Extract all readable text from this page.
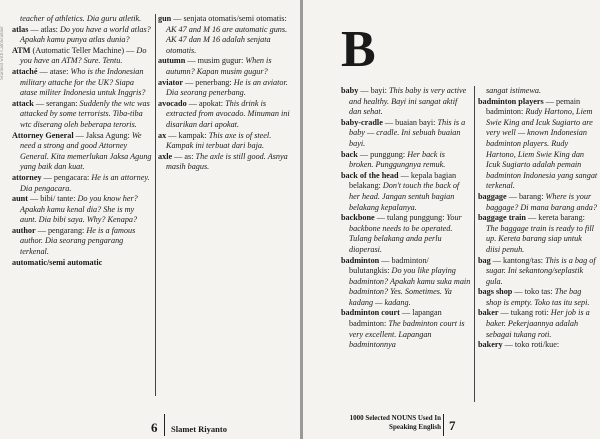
Scanned with CamScanner

teacher of athletics. Dia guru atletik.

atlas — atlas: Do you have a world atlas? Apakah kamu punya atlas dunia?

ATM (Automatic Teller Machine) — Do you have an ATM? Sure. Tentu.

attaché — atase: Who is the Indonesian military attache for the UK? Siapa atase militer Indonesia untuk Inggris?

attack — serangan: Suddenly the wtc was attacked by some terrorists. Tiba-tiba wtc diserang oleh beberapa teroris.

Attorney General — Jaksa Agung: We need a strong and good Attorney General. Kita memerlukan Jaksa Agung yang baik dan kuat.

attorney — pengacara: He is an attorney. Dia pengacara.

aunt — bibi/ tante: Do you know her? Apakah kamu kenal dia? She is my aunt. Dia bibi saya. Why? Kenapa?

author — pengarang: He is a famous author. Dia seorang pengarang terkenal.

automatic/semi automatic

gun — senjata otomatis/semi otomatis: AK 47 and M 16 are automatic guns. AK 47 dan M 16 adalah senjata otomatis.

autumn — musim gugur: When is autumn? Kapan musim gugur?

aviator — penerbang: He is an aviator. Dia seorang penerbang.

avocado — apokat: This drink is extracted from avocado. Minuman ini disarikan dari apokat.

ax — kampak: This axe is of steel. Kampak ini terbuat dari baja.

axle — as: The axle is still good. Asnya masih bagus.

6 Slamet Riyanto
B

baby — bayi: This baby is very active and healthy. Bayi ini sangat aktif dan sehat.

baby-cradle — buaian bayi: This is a baby — cradle. Ini sebuah buaian bayi.

back — punggung: Her back is broken. Punggungnya remuk.

back of the head — kepala bagian belakang: Don't touch the back of her head. Jangan sentuh bagian belakang kepalanya.

backbone — tulang punggung: Your backbone needs to be operated. Tulang belakang anda perlu dioperasi.

badminton — badminton/ bulutangkis: Do you like playing badminton? Apakah kamu suka main badminton? Yes. Sometimes. Ya kadang — kadang.

badminton court — lapangan badminton: The badminton court is very excellent. Lapangan badmintonnya

sangat istimewa.

badminton players — pemain badminton: Rudy Hartono, Liem Swie King and Icuk Sugiarto are very well — known Indonesian badminton players. Rudy Hartono, Liem Swie King dan Icuk Sugiarto adalah pemain badminton Indonesia yang sangat terkenal.

baggage — barang: Where is your baggage? Di mana barang anda?

baggage train — kereta barang: The baggage train is ready to fill up. Kereta barang siap untuk diisi penuh.

bag — kantong/tas: This is a bag of sugar. Ini sekantong/seplastik gula.

bags shop — toko tas: The bag shop is empty. Toko tas itu sepi.

baker — tukang roti: Her job is a baker. Pekerjaannya adalah sebagai tukang roti.

bakery — toko roti/kue:

1000 Selected NOUNS Used In
Speaking English 7
